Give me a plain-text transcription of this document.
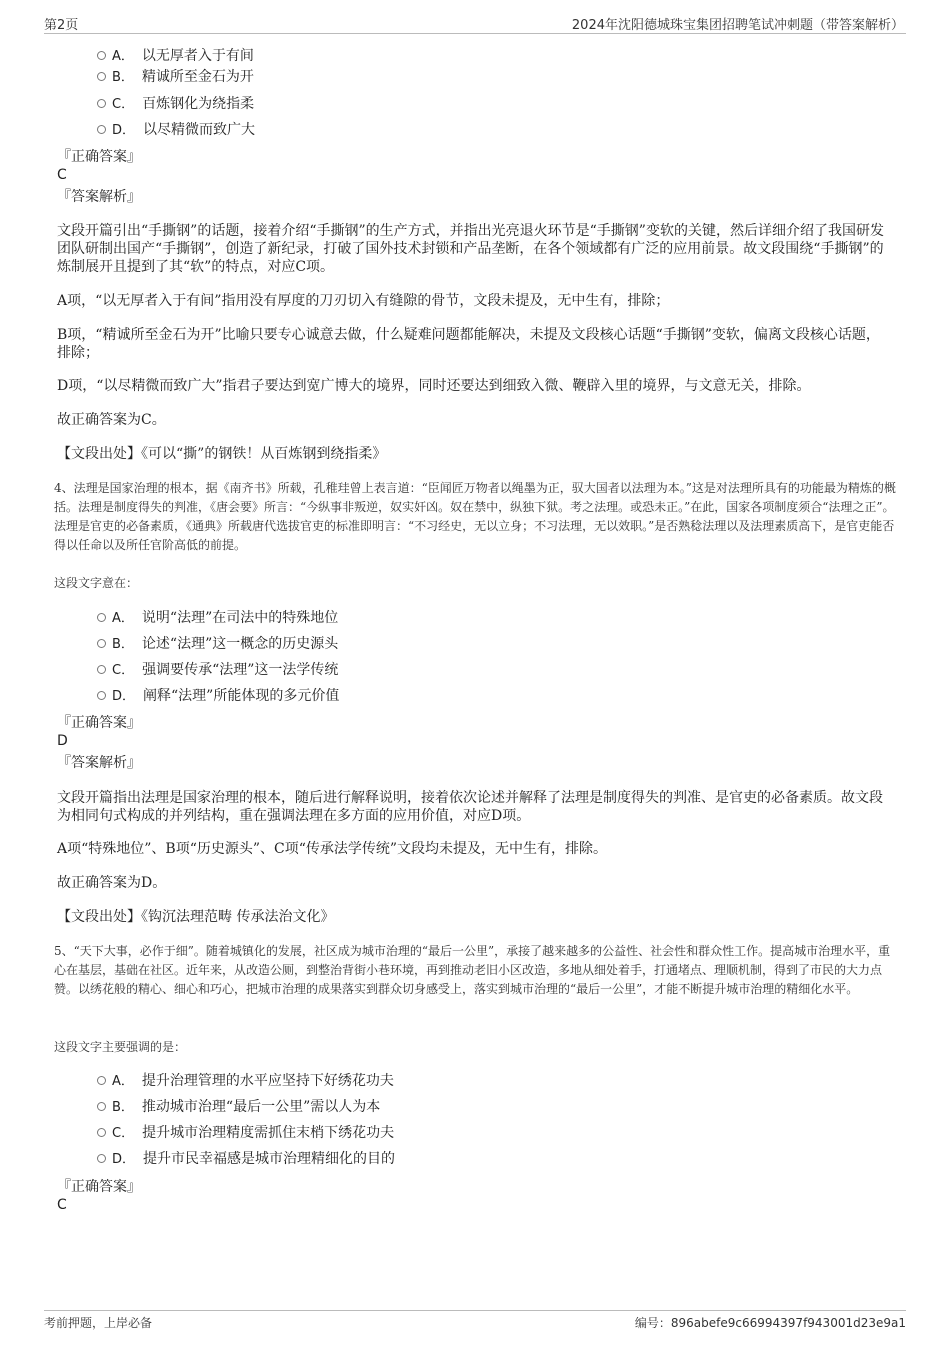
第2页	2024年沈阳德城珠宝集团招聘笔试冲刺题（带答案解析）
A． 以无厚者入于有间
B． 精诚所至金石为开
C． 百炼钢化为绕指柔
D． 以尽精微而致广大
『正确答案』
C
『答案解析』
文段开篇引出“手撕钢”的话题，接着介绍“手撕钢”的生产方式，并指出光亮退火环节是“手撕钢”变软的关键，然后详细介绍了我国研发团队研制出国产“手撕钢”，创造了新纪录，打破了国外技术封锁和产品垄断，在各个领域都有广泛的应用前景。故文段围绕“手撕钢”的炼制展开且提到了其“软”的特点，对应C项。
A项，“以无厚者入于有间”指用没有厚度的刀刃切入有缝隙的骨节，文段未提及，无中生有，排除；
B项，“精诚所至金石为开”比喻只要专心诚意去做，什么疑难问题都能解决，未提及文段核心话题“手撕钢”变软，偏离文段核心话题，排除；
D项，“以尽精微而致广大”指君子要达到宽广博大的境界，同时还要达到细致入微、鞭辟入里的境界，与文意无关，排除。
故正确答案为C。
【文段出处】《可以“撕”的钢铁！从百炼钢到绕指柔》
4、法理是国家治理的根本，据《南齐书》所载，孔稚珪曾上表言道：“臣闻匠万物者以绳墨为正，驭大国者以法理为本。”这是对法理所具有的功能最为精炼的概括。法理是制度得失的判准，《唐会要》所言：“今纵事非叛逆，奴实奸凶。奴在禁中，纵独下狱。考之法理。或恐未正。”在此，国家各项制度须合“法理之正”。法理是官吏的必备素质，《通典》所载唐代选拔官吏的标准即明言：“不习经史，无以立身；不习法理，无以效职。”是否熟稔法理以及法理素质高下，是官吏能否得以任命以及所任官阶高低的前提。
这段文字意在：
A． 说明“法理”在司法中的特殊地位
B． 论述“法理”这一概念的历史源头
C． 强调要传承“法理”这一法学传统
D． 阐释“法理”所能体现的多元价值
『正确答案』
D
『答案解析』
文段开篇指出法理是国家治理的根本，随后进行解释说明，接着依次论述并解释了法理是制度得失的判准、是官吏的必备素质。故文段为相同句式构成的并列结构，重在强调法理在多方面的应用价值，对应D项。
A项“特殊地位”、B项“历史源头”、C项“传承法学传统”文段均未提及，无中生有，排除。
故正确答案为D。
【文段出处】《钩沉法理范畴 传承法治文化》
5、“天下大事，必作于细”。随着城镇化的发展，社区成为城市治理的“最后一公里”，承接了越来越多的公益性、社会性和群众性工作。提高城市治理水平，重心在基层，基础在社区。近年来，从改造公厕，到整治背街小巷环境，再到推动老旧小区改造，多地从细处着手，打通堵点、理顺机制，得到了市民的大力点赞。以绣花般的精心、细心和巧心，把城市治理的成果落实到群众切身感受上，落实到城市治理的“最后一公里”，才能不断提升城市治理的精细化水平。
这段文字主要强调的是：
A． 提升治理管理的水平应坚持下好绣花功夫
B． 推动城市治理“最后一公里”需以人为本
C． 提升城市治理精度需抓住末梢下绣花功夫
D． 提升市民幸福感是城市治理精细化的目的
『正确答案』
C
考前押题，上岸必备	编号：896abefe9c66994397f943001d23e9a1
